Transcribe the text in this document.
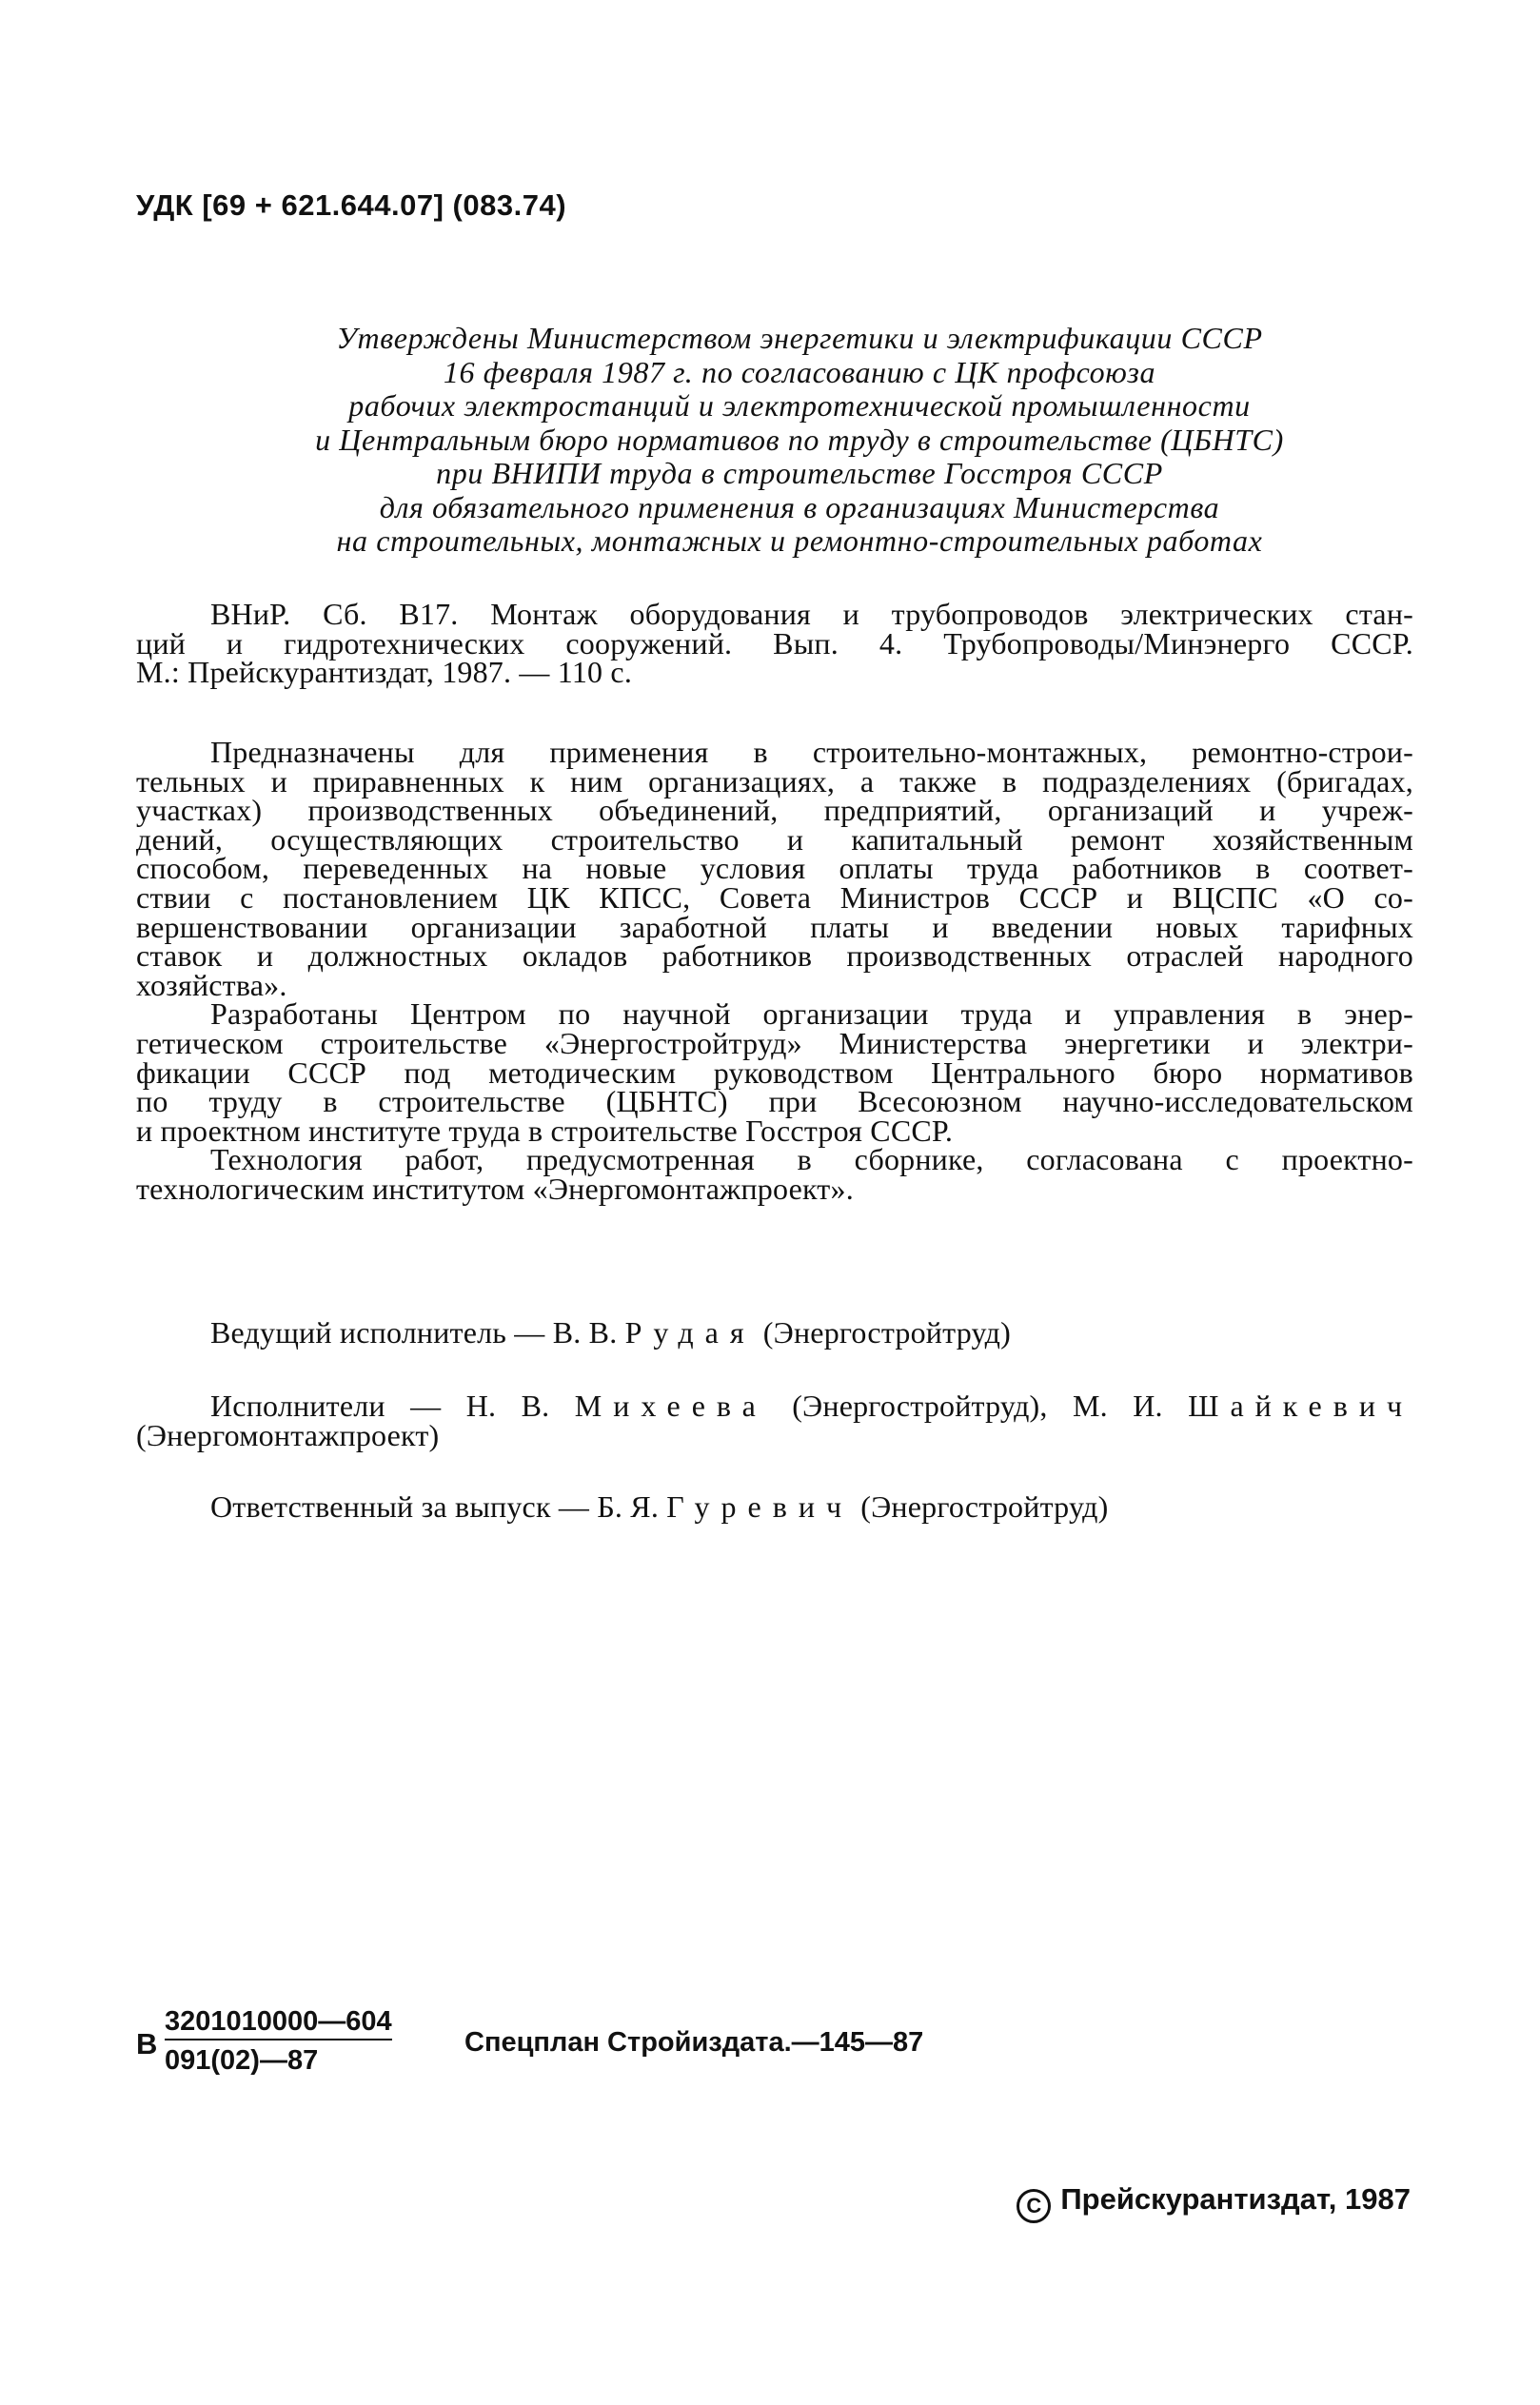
УДК [69 + 621.644.07] (083.74)
Утверждены Министерством энергетики и электрификации СССР
16 февраля 1987 г. по согласованию с ЦК профсоюза
рабочих электростанций и электротехнической промышленности
и Центральным бюро нормативов по труду в строительстве (ЦБНТС)
при ВНИПИ труда в строительстве Госстроя СССР
для обязательного применения в организациях Министерства
на строительных, монтажных и ремонтно-строительных работах
ВНиР. Сб. В17. Монтаж оборудования и трубопроводов электрических стан-
ций и гидротехнических сооружений. Вып. 4. Трубопроводы/Минэнерго СССР.
М.: Прейскурантиздат, 1987. — 110 с.
Предназначены для применения в строительно-монтажных, ремонтно-строи-
тельных и приравненных к ним организациях, а также в подразделениях (бригадах,
участках) производственных объединений, предприятий, организаций и учреж-
дений, осуществляющих строительство и капитальный ремонт хозяйственным
способом, переведенных на новые условия оплаты труда работников в соответ-
ствии с постановлением ЦК КПСС, Совета Министров СССР и ВЦСПС «О со-
вершенствовании организации заработной платы и введении новых тарифных
ставок и должностных окладов работников производственных отраслей народного
хозяйства».
Разработаны Центром по научной организации труда и управления в энер-
гетическом строительстве «Энергостройтруд» Министерства энергетики и электри-
фикации СССР под методическим руководством Центрального бюро нормативов
по труду в строительстве (ЦБНТС) при Всесоюзном научно-исследовательском
и проектном институте труда в строительстве Госстроя СССР.
Технология работ, предусмотренная в сборнике, согласована с проектно-
технологическим институтом «Энергомонтажпроект».
Ведущий исполнитель — В. В. Рудая (Энергостройтруд)
Исполнители — Н. В. Михеева (Энергостройтруд), М. И. Шайкевич
(Энергомонтажпроект)
Ответственный за выпуск — Б. Я. Гуревич (Энергостройтруд)
В
3201010000—604
091(02)—87
Спецплан Стройиздата.—145—87
C Прейскурантиздат, 1987
